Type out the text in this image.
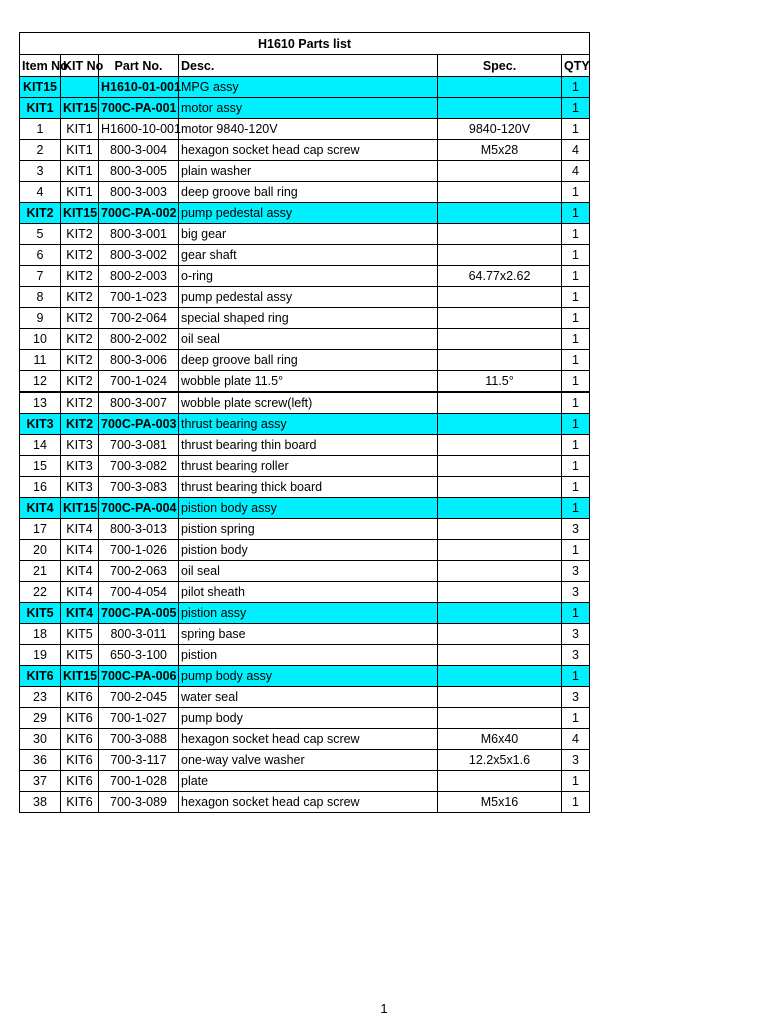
H1610 Parts list					
Item No	KIT No	Part No.	Desc.	Spec.	QTY
KIT15		H1610-01-001	MPG assy		1
KIT1	KIT15	700C-PA-001	motor assy		1
1	KIT1	H1600-10-001	motor 9840-120V	9840-120V	1
2	KIT1	800-3-004	hexagon socket head cap screw	M5x28	4
3	KIT1	800-3-005	plain washer		4
4	KIT1	800-3-003	deep groove ball ring		1
KIT2	KIT15	700C-PA-002	pump pedestal assy		1
5	KIT2	800-3-001	big gear		1
6	KIT2	800-3-002	gear shaft		1
7	KIT2	800-2-003	o-ring	64.77x2.62	1
8	KIT2	700-1-023	pump pedestal assy		1
9	KIT2	700-2-064	special shaped ring		1
10	KIT2	800-2-002	oil seal		1
11	KIT2	800-3-006	deep groove ball ring		1
12	KIT2	700-1-024	wobble plate 11.5°	11.5°	1
13	KIT2	800-3-007	wobble plate screw(left)		1
KIT3	KIT2	700C-PA-003	thrust bearing assy		1
14	KIT3	700-3-081	thrust bearing thin board		1
15	KIT3	700-3-082	thrust bearing roller		1
16	KIT3	700-3-083	thrust bearing thick board		1
KIT4	KIT15	700C-PA-004	pistion body assy		1
17	KIT4	800-3-013	pistion spring		3
20	KIT4	700-1-026	pistion body		1
21	KIT4	700-2-063	oil seal		3
22	KIT4	700-4-054	pilot sheath		3
KIT5	KIT4	700C-PA-005	pistion assy		1
18	KIT5	800-3-011	spring base		3
19	KIT5	650-3-100	pistion		3
KIT6	KIT15	700C-PA-006	pump body assy		1
23	KIT6	700-2-045	water seal		3
29	KIT6	700-1-027	pump body		1
30	KIT6	700-3-088	hexagon socket head cap screw	M6x40	4
36	KIT6	700-3-117	one-way valve washer	12.2x5x1.6	3
37	KIT6	700-1-028	plate		1
38	KIT6	700-3-089	hexagon socket head cap screw	M5x16	1
1
